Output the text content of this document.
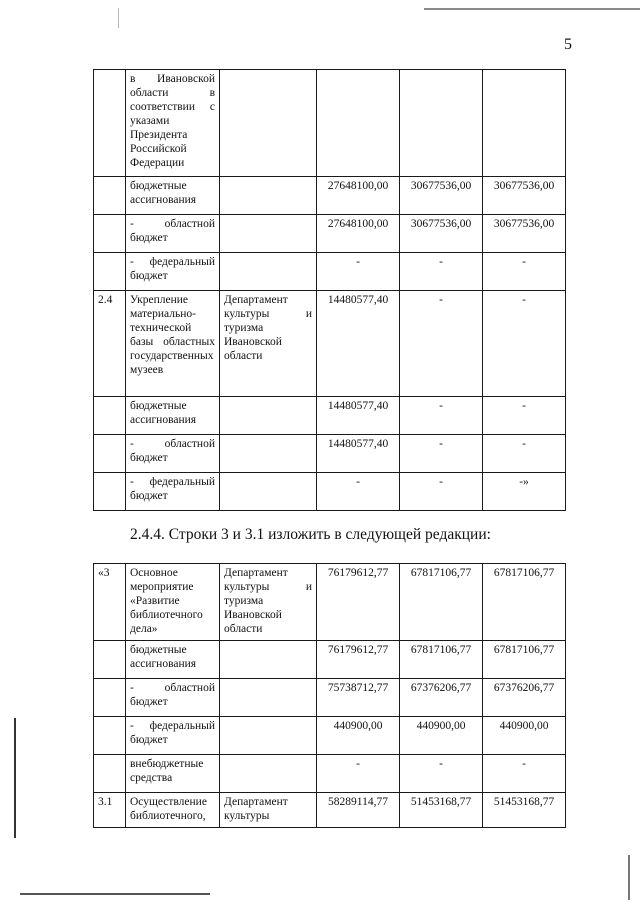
5
	в Ивановской области в соответствии с указами Президента Российской Федерации				
	бюджетные ассигнования		27648100,00	30677536,00	30677536,00
	- областной бюджет		27648100,00	30677536,00	30677536,00
	- федеральный бюджет		-	-	-
2.4	Укрепление материально-технической базы областных государственных музеев	Департамент культуры и туризма Ивановской области	14480577,40	-	-
	бюджетные ассигнования		14480577,40	-	-
	- областной бюджет		14480577,40	-	-
	- федеральный бюджет		-	-	-»
2.4.4. Строки 3 и 3.1 изложить в следующей редакции:
«3	Основное мероприятие «Развитие библиотечного дела»	Департамент культуры и туризма Ивановской области	76179612,77	67817106,77	67817106,77
	бюджетные ассигнования		76179612,77	67817106,77	67817106,77
	- областной бюджет		75738712,77	67376206,77	67376206,77
	- федеральный бюджет		440900,00	440900,00	440900,00
	внебюджетные средства		-	-	-
3.1	Осуществление библиотечного,	Департамент культуры	58289114,77	51453168,77	51453168,77
